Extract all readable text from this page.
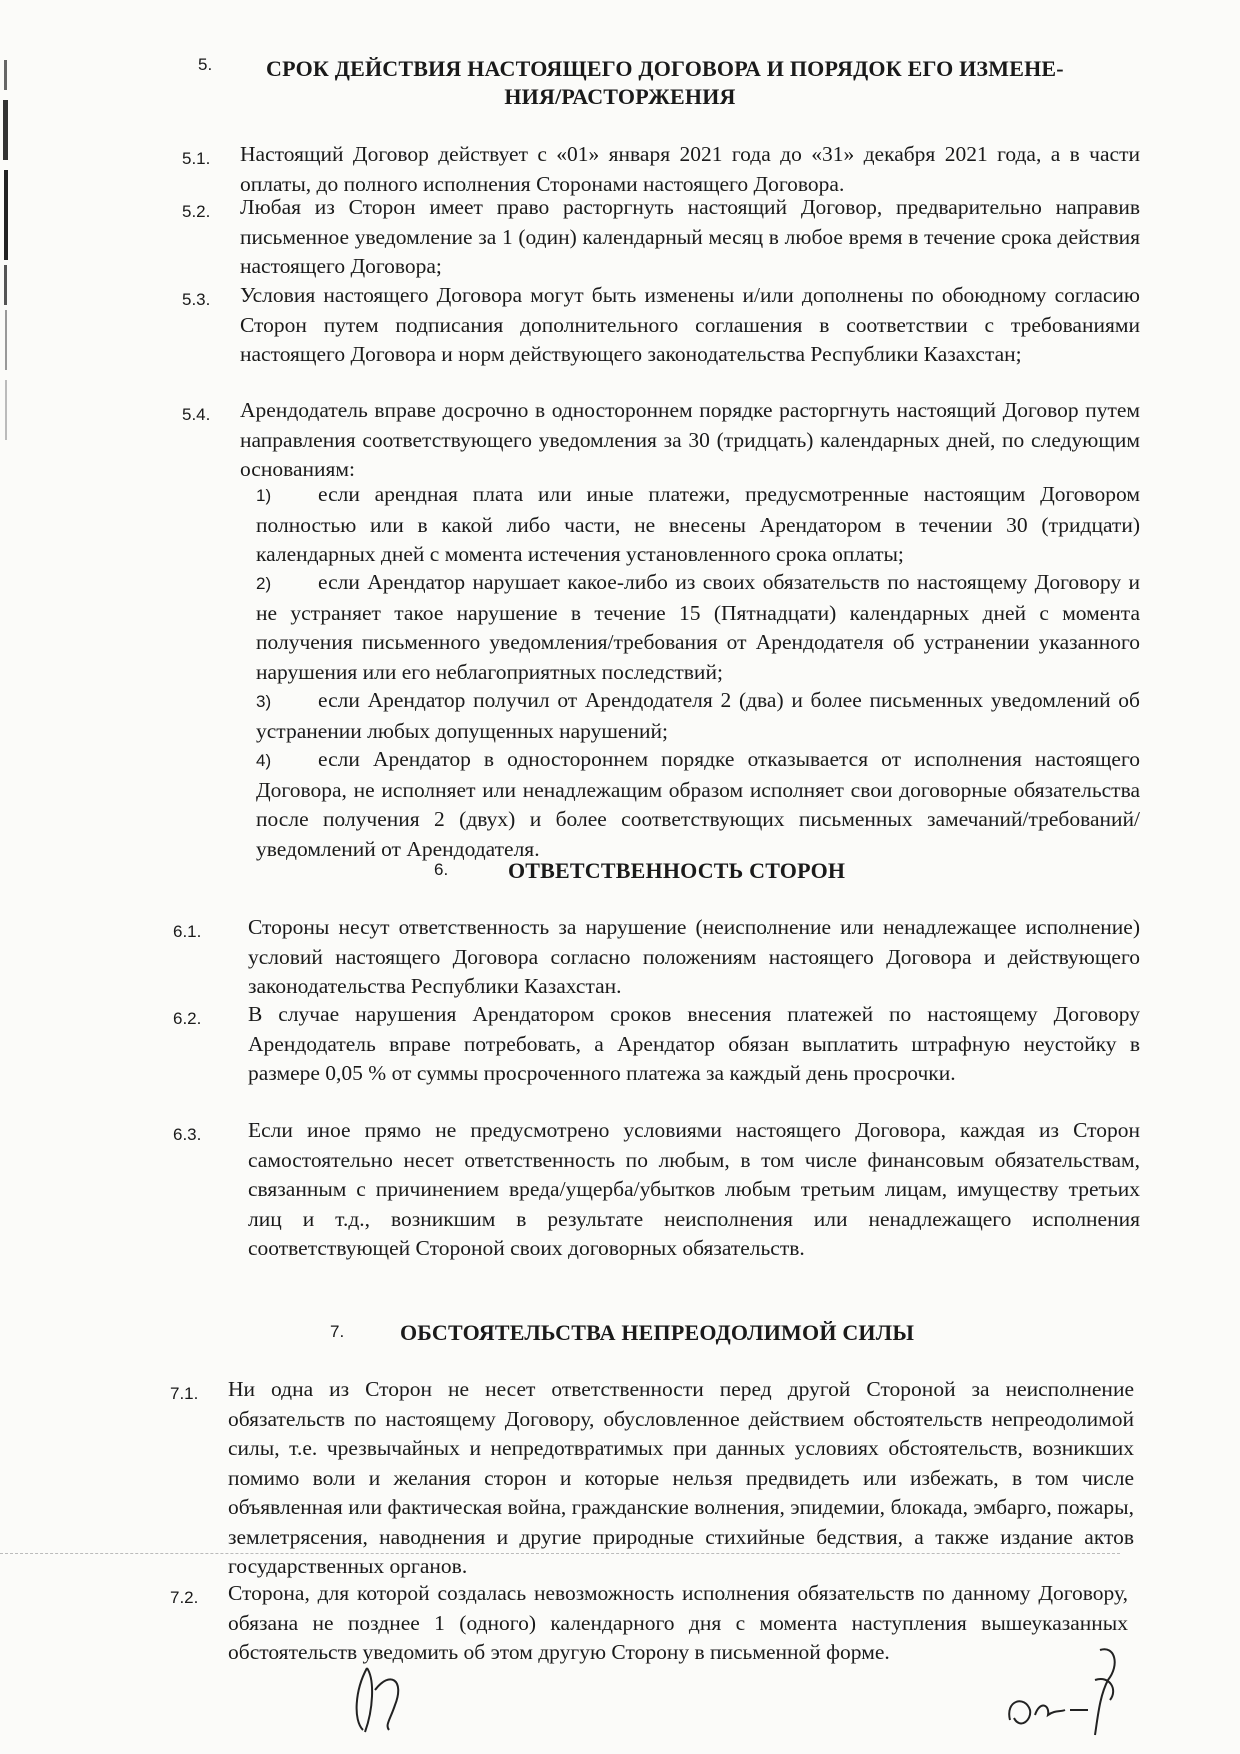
5. СРОК ДЕЙСТВИЯ НАСТОЯЩЕГО ДОГОВОРА И ПОРЯДОК ЕГО ИЗМЕНЕ-
НИЯ/РАСТОРЖЕНИЯ
5.1. Настоящий Договор действует с «01» января 2021 года до «31» декабря 2021 года, а в части оплаты, до полного исполнения Сторонами настоящего Договора.
5.2. Любая из Сторон имеет право расторгнуть настоящий Договор, предварительно направив письменное уведомление за 1 (один) календарный месяц в любое время в течение срока действия настоящего Договора;
5.3. Условия настоящего Договора могут быть изменены и/или дополнены по обоюдному согласию Сторон путем подписания дополнительного соглашения в соответствии с требованиями настоящего Договора и норм действующего законодательства Республики Казахстан;
5.4. Арендодатель вправе досрочно в одностороннем порядке расторгнуть настоящий Договор путем направления соответствующего уведомления за 30 (тридцать) календарных дней, по следующим основаниям:
1) если арендная плата или иные платежи, предусмотренные настоящим Договором полностью или в какой либо части, не внесены Арендатором в течении 30 (тридцати) календарных дней с момента истечения установленного срока оплаты;
2) если Арендатор нарушает какое-либо из своих обязательств по настоящему Договору и не устраняет такое нарушение в течение 15 (Пятнадцати) календарных дней с момента получения письменного уведомления/требования от Арендодателя об устранении указанного нарушения или его неблагоприятных последствий;
3) если Арендатор получил от Арендодателя 2 (два) и более письменных уведомлений об устранении любых допущенных нарушений;
4) если Арендатор в одностороннем порядке отказывается от исполнения настоящего Договора, не исполняет или ненадлежащим образом исполняет свои договорные обязательства после получения 2 (двух) и более соответствующих письменных замечаний/требований/ уведомлений от Арендодателя.
6.	ОТВЕТСТВЕННОСТЬ СТОРОН
6.1. Стороны несут ответственность за нарушение (неисполнение или ненадлежащее исполнение) условий настоящего Договора согласно положениям настоящего Договора и действующего законодательства Республики Казахстан.
6.2. В случае нарушения Арендатором сроков внесения платежей по настоящему Договору Арендодатель вправе потребовать, а Арендатор обязан выплатить штрафную неустойку в размере 0,05 % от суммы просроченного платежа за каждый день просрочки.
6.3. Если иное прямо не предусмотрено условиями настоящего Договора, каждая из Сторон самостоятельно несет ответственность по любым, в том числе финансовым обязательствам, связанным с причинением вреда/ущерба/убытков любым третьим лицам, имуществу третьих лиц и т.д., возникшим в результате неисполнения или ненадлежащего исполнения соответствующей Стороной своих договорных обязательств.
7.	ОБСТОЯТЕЛЬСТВА НЕПРЕОДОЛИМОЙ СИЛЫ
7.1. Ни одна из Сторон не несет ответственности перед другой Стороной за неисполнение обязательств по настоящему Договору, обусловленное действием обстоятельств непреодолимой силы, т.е. чрезвычайных и непредотвратимых при данных условиях обстоятельств, возникших помимо воли и желания сторон и которые нельзя предвидеть или избежать, в том числе объявленная или фактическая война, гражданские волнения, эпидемии, блокада, эмбарго, пожары, землетрясения, наводнения и другие природные стихийные бедствия, а также издание актов государственных органов.
7.2. Сторона, для которой создалась невозможность исполнения обязательств по данному Договору, обязана не позднее 1 (одного) календарного дня с момента наступления вышеуказанных обстоятельств уведомить об этом другую Сторону в письменной форме.
